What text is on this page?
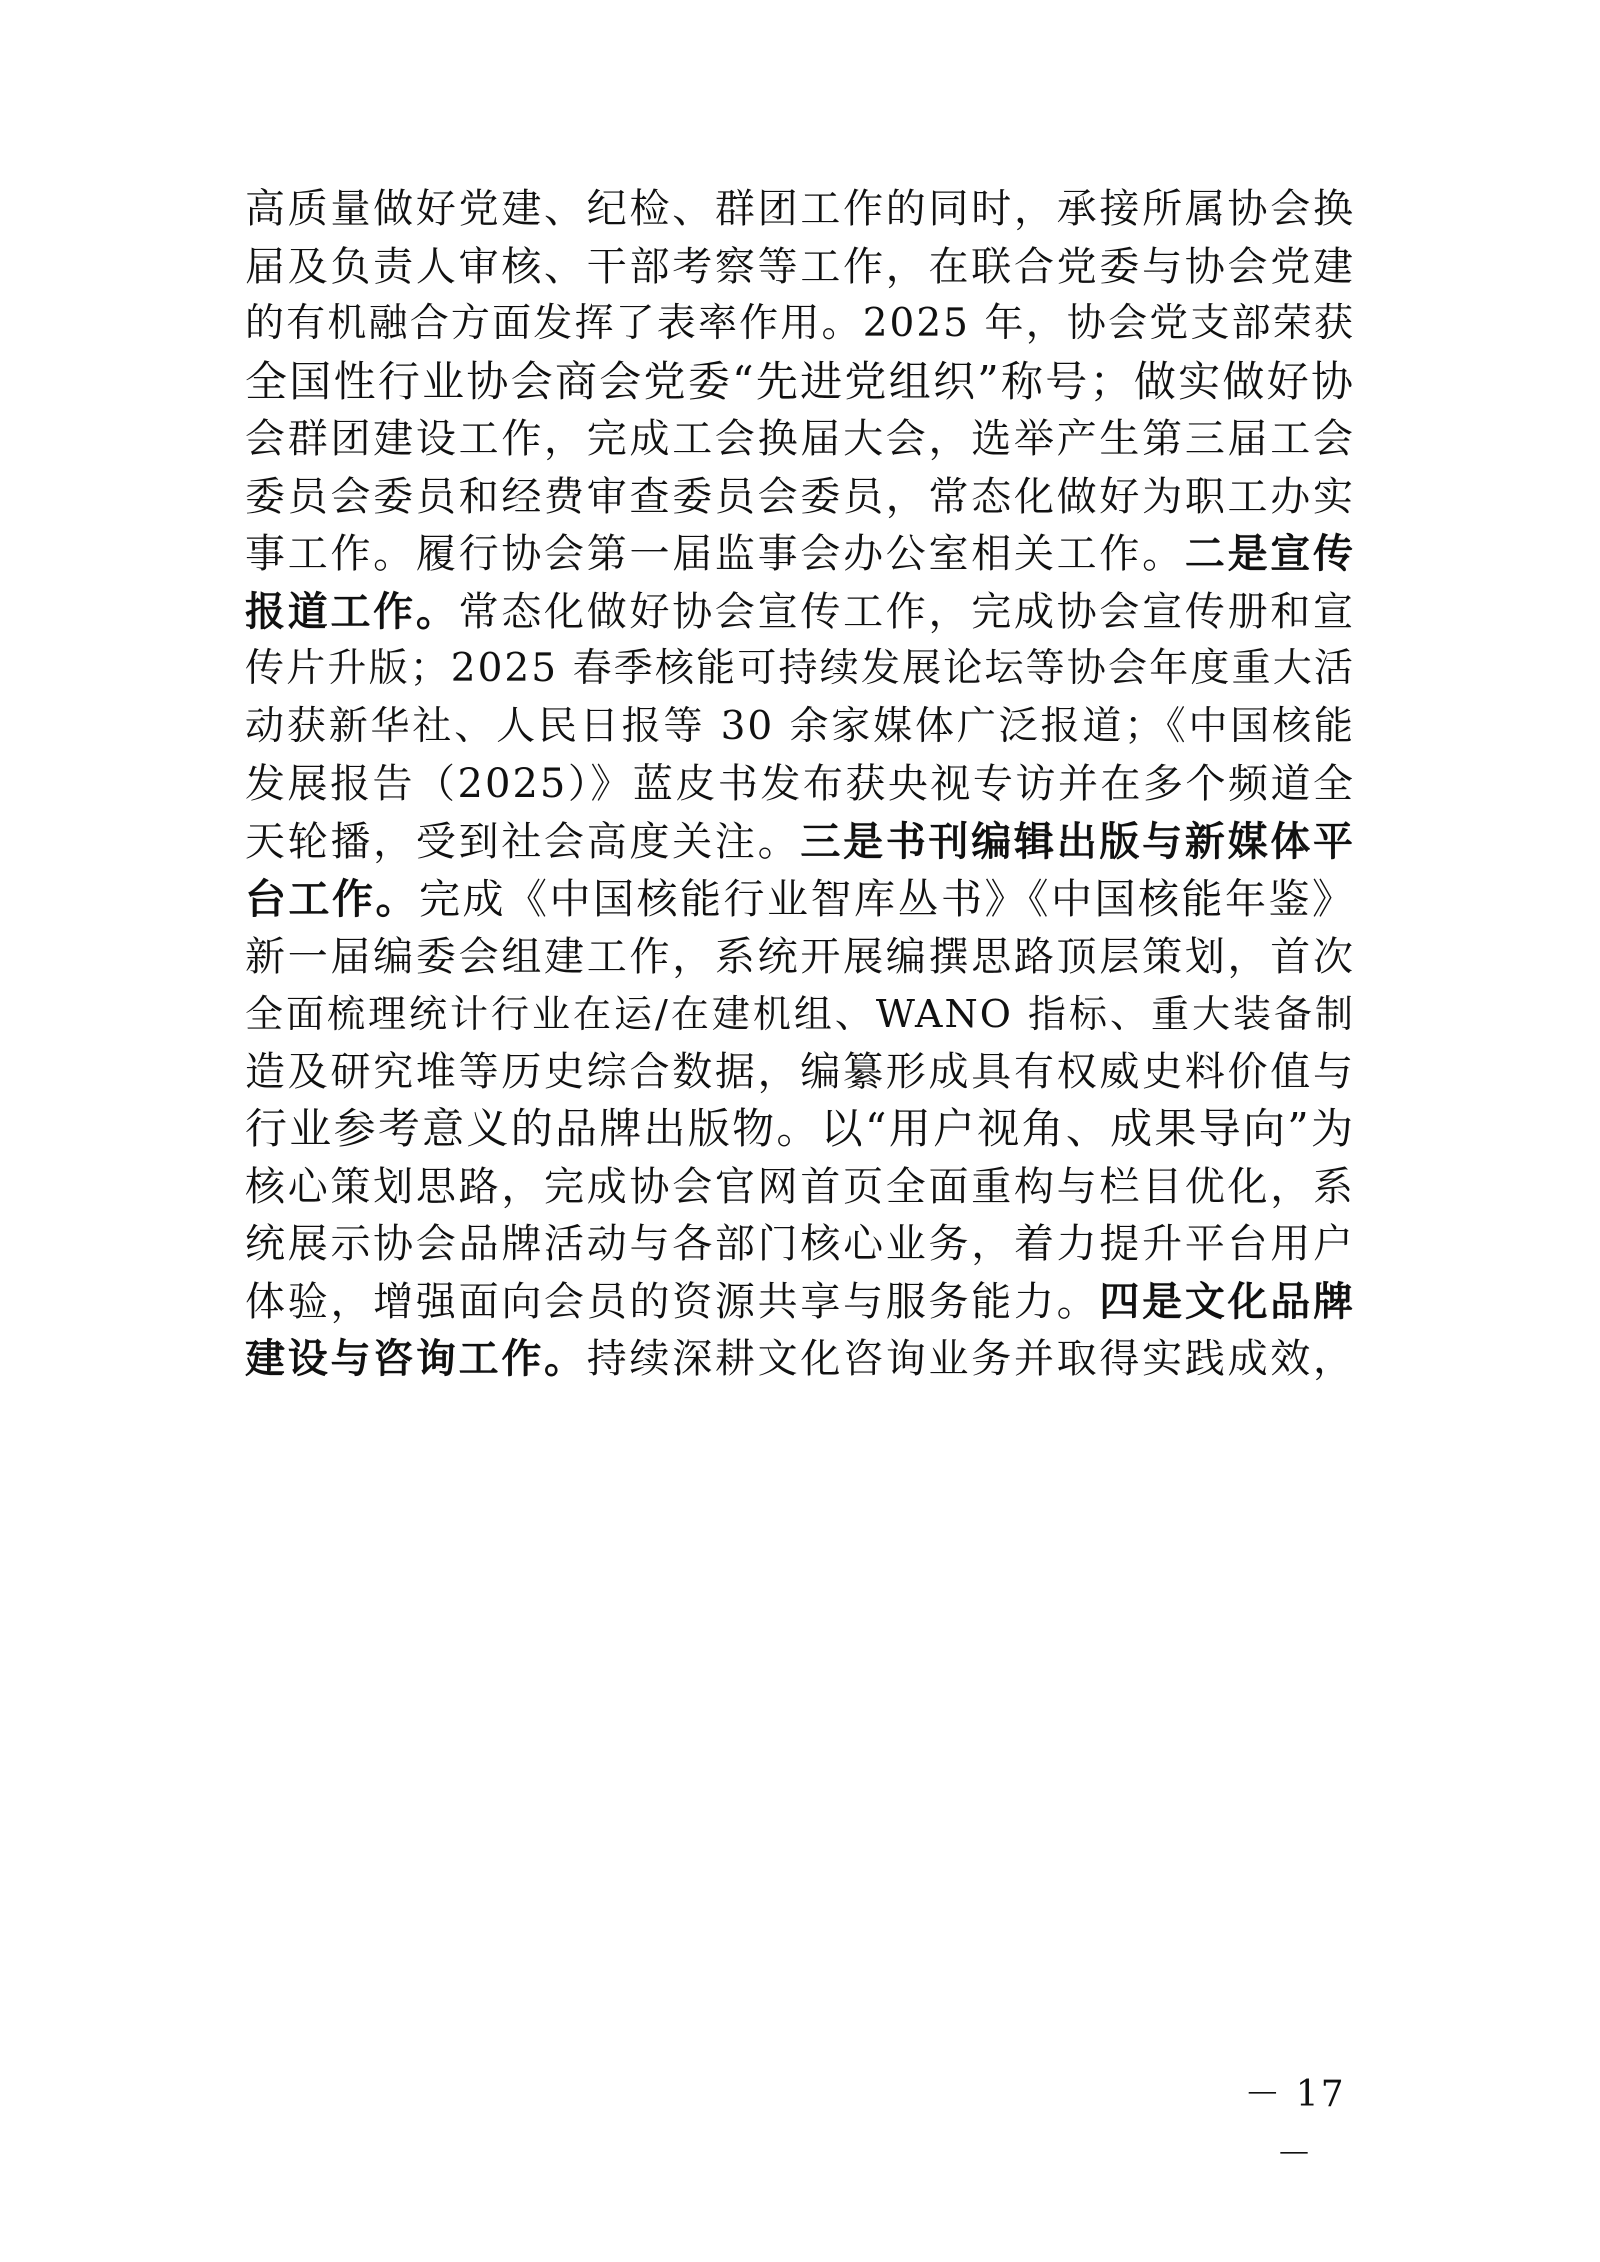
高质量做好党建、纪检、群团工作的同时，承接所属协会换
届及负责人审核、干部考察等工作，在联合党委与协会党建
的有机融合方面发挥了表率作用。2025 年，协会党支部荣获
全国性行业协会商会党委“先进党组织”称号；做实做好协
会群团建设工作，完成工会换届大会，选举产生第三届工会
委员会委员和经费审查委员会委员，常态化做好为职工办实
事工作。履行协会第一届监事会办公室相关工作。二是宣传
报道工作。常态化做好协会宣传工作，完成协会宣传册和宣
传片升版；2025 春季核能可持续发展论坛等协会年度重大活
动获新华社、人民日报等 30 余家媒体广泛报道；《中国核能
发展报告（2025）》蓝皮书发布获央视专访并在多个频道全
天轮播，受到社会高度关注。三是书刊编辑出版与新媒体平
台工作。完成《中国核能行业智库丛书》《中国核能年鉴》
新一届编委会组建工作，系统开展编撰思路顶层策划，首次
全面梳理统计行业在运/在建机组、WANO 指标、重大装备制
造及研究堆等历史综合数据，编纂形成具有权威史料价值与
行业参考意义的品牌出版物。以“用户视角、成果导向”为
核心策划思路，完成协会官网首页全面重构与栏目优化，系
统展示协会品牌活动与各部门核心业务，着力提升平台用户
体验，增强面向会员的资源共享与服务能力。四是文化品牌
建设与咨询工作。持续深耕文化咨询业务并取得实践成效，
－ 17 －
